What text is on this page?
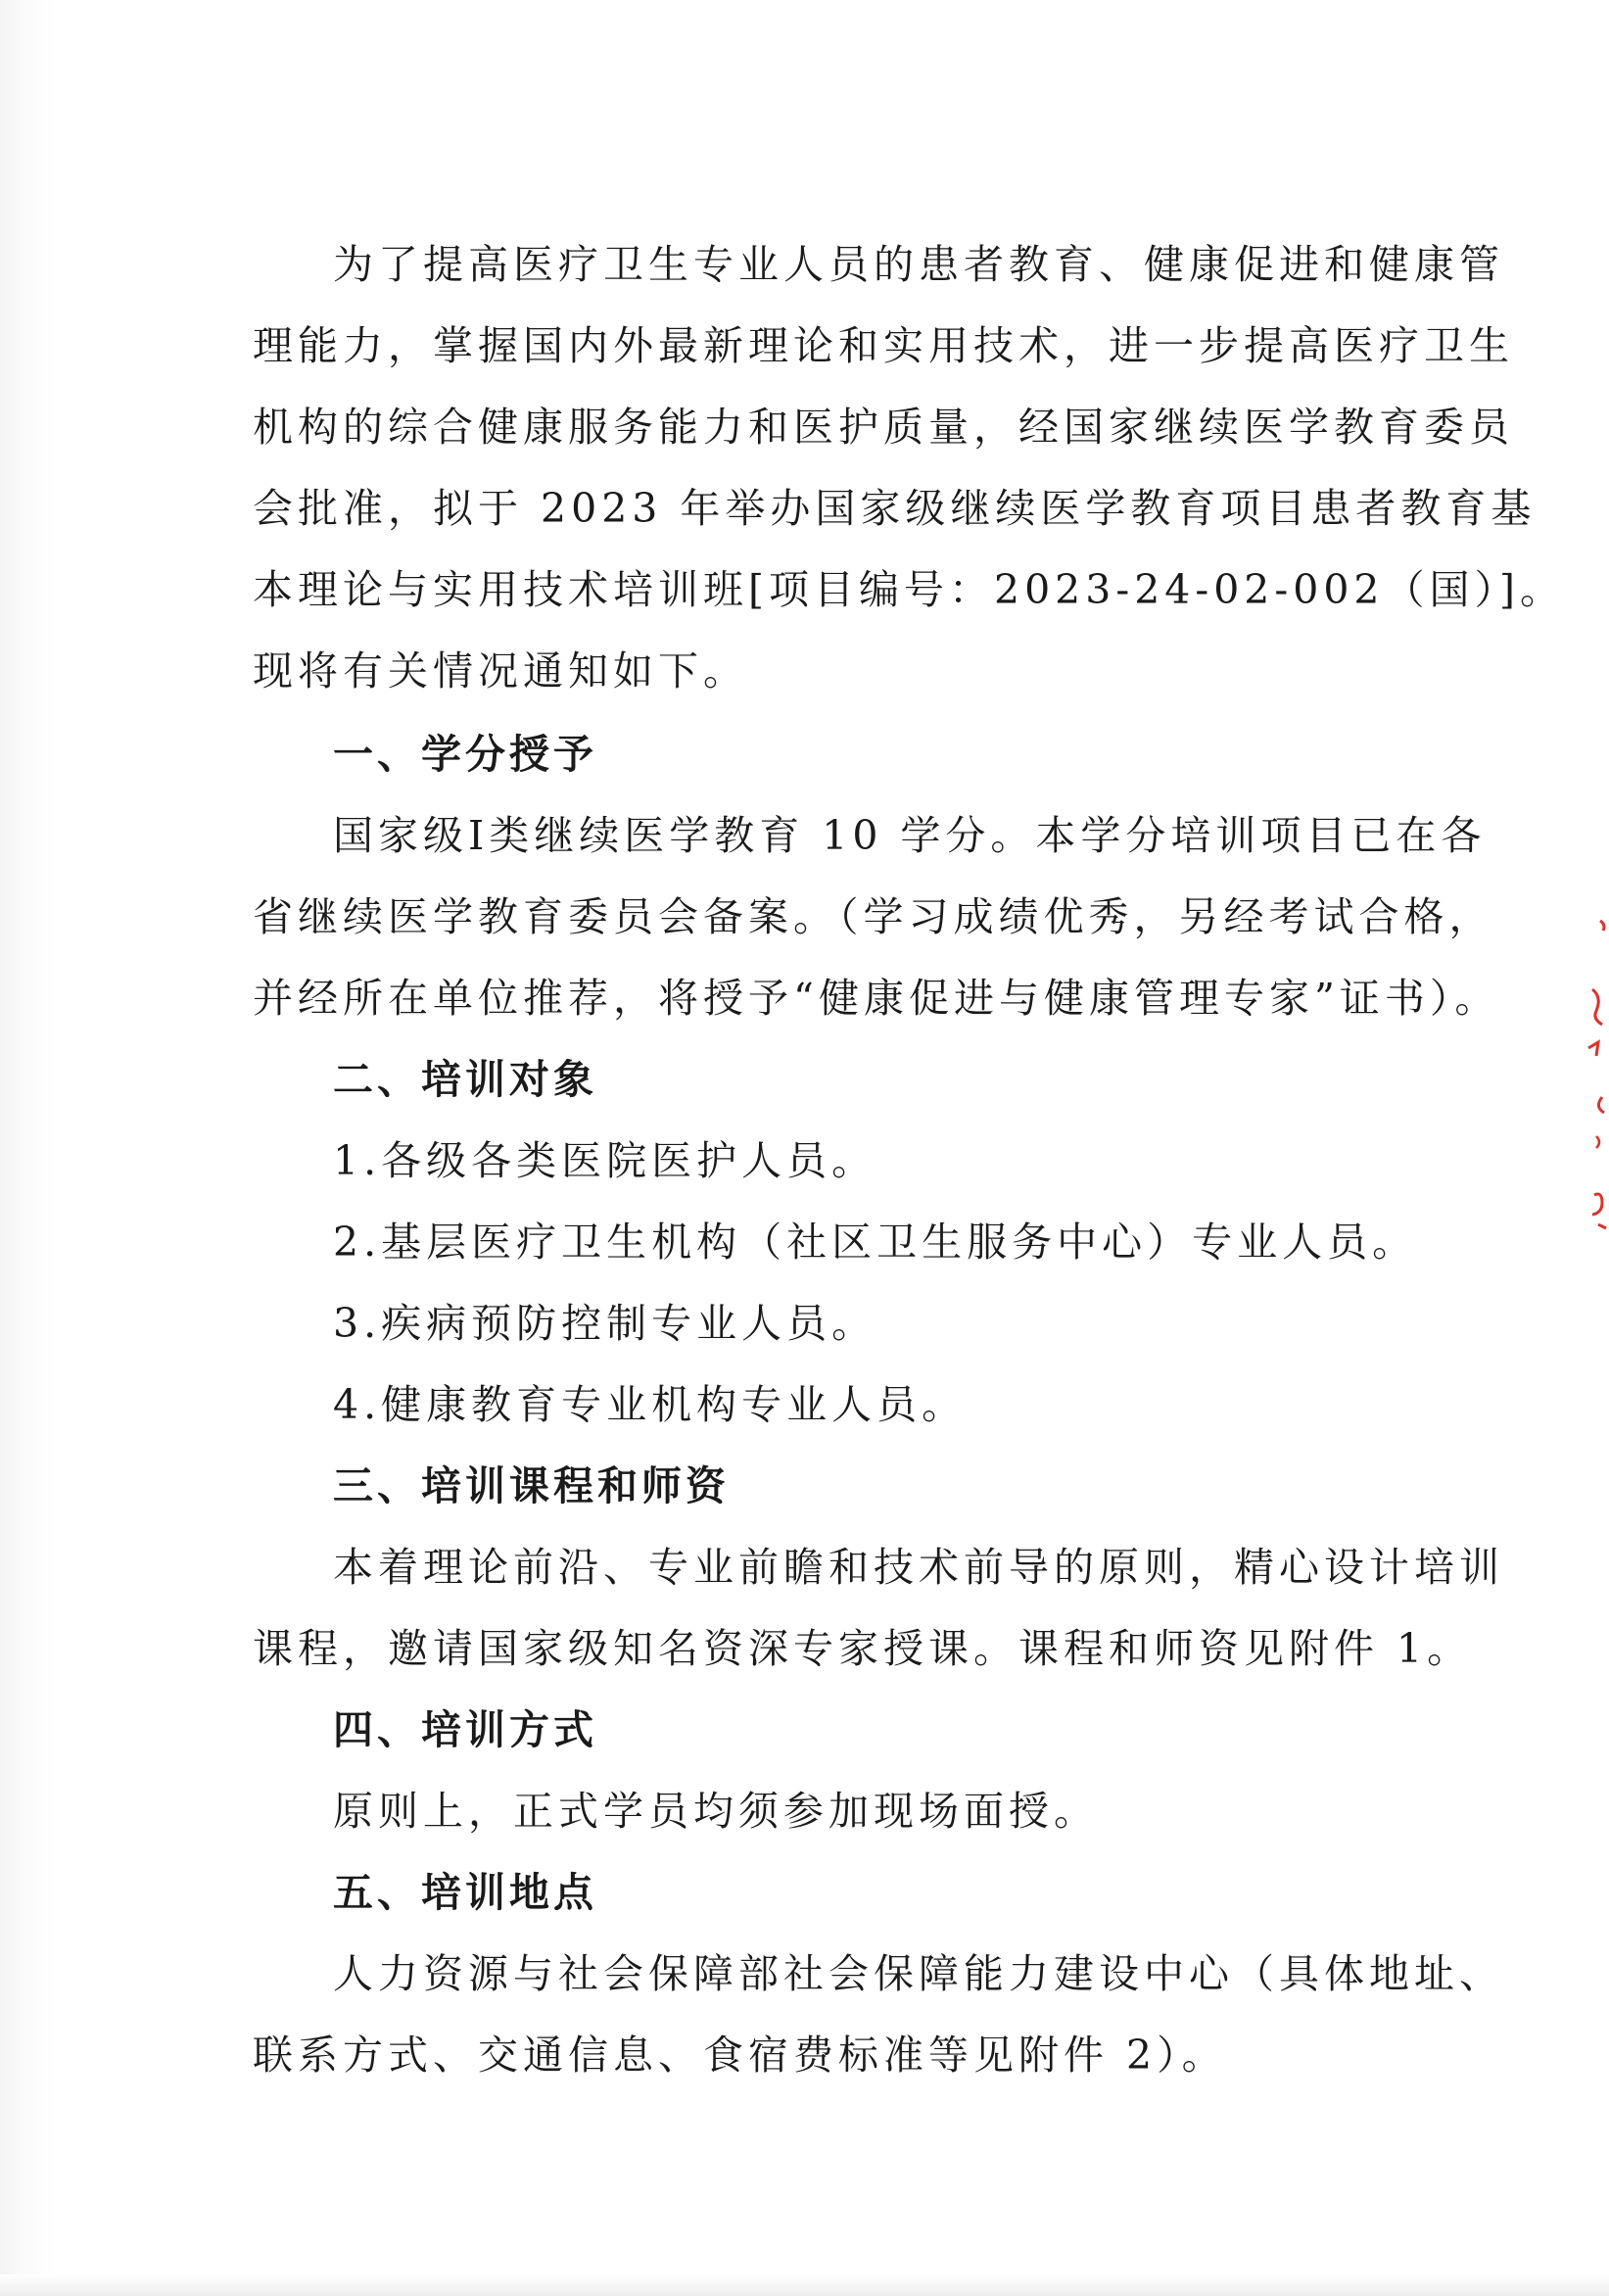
为了提高医疗卫生专业人员的患者教育、健康促进和健康管
理能力，掌握国内外最新理论和实用技术，进一步提高医疗卫生
机构的综合健康服务能力和医护质量，经国家继续医学教育委员
会批准，拟于 2023 年举办国家级继续医学教育项目患者教育基
本理论与实用技术培训班[项目编号：2023-24-02-002（国）]。
现将有关情况通知如下。
一、学分授予
国家级Ⅰ类继续医学教育 10 学分。本学分培训项目已在各
省继续医学教育委员会备案。（学习成绩优秀，另经考试合格，
并经所在单位推荐，将授予“健康促进与健康管理专家”证书）。
二、培训对象
1.各级各类医院医护人员。
2.基层医疗卫生机构（社区卫生服务中心）专业人员。
3.疾病预防控制专业人员。
4.健康教育专业机构专业人员。
三、培训课程和师资
本着理论前沿、专业前瞻和技术前导的原则，精心设计培训
课程，邀请国家级知名资深专家授课。课程和师资见附件 1。
四、培训方式
原则上，正式学员均须参加现场面授。
五、培训地点
人力资源与社会保障部社会保障能力建设中心（具体地址、
联系方式、交通信息、食宿费标准等见附件 2）。
